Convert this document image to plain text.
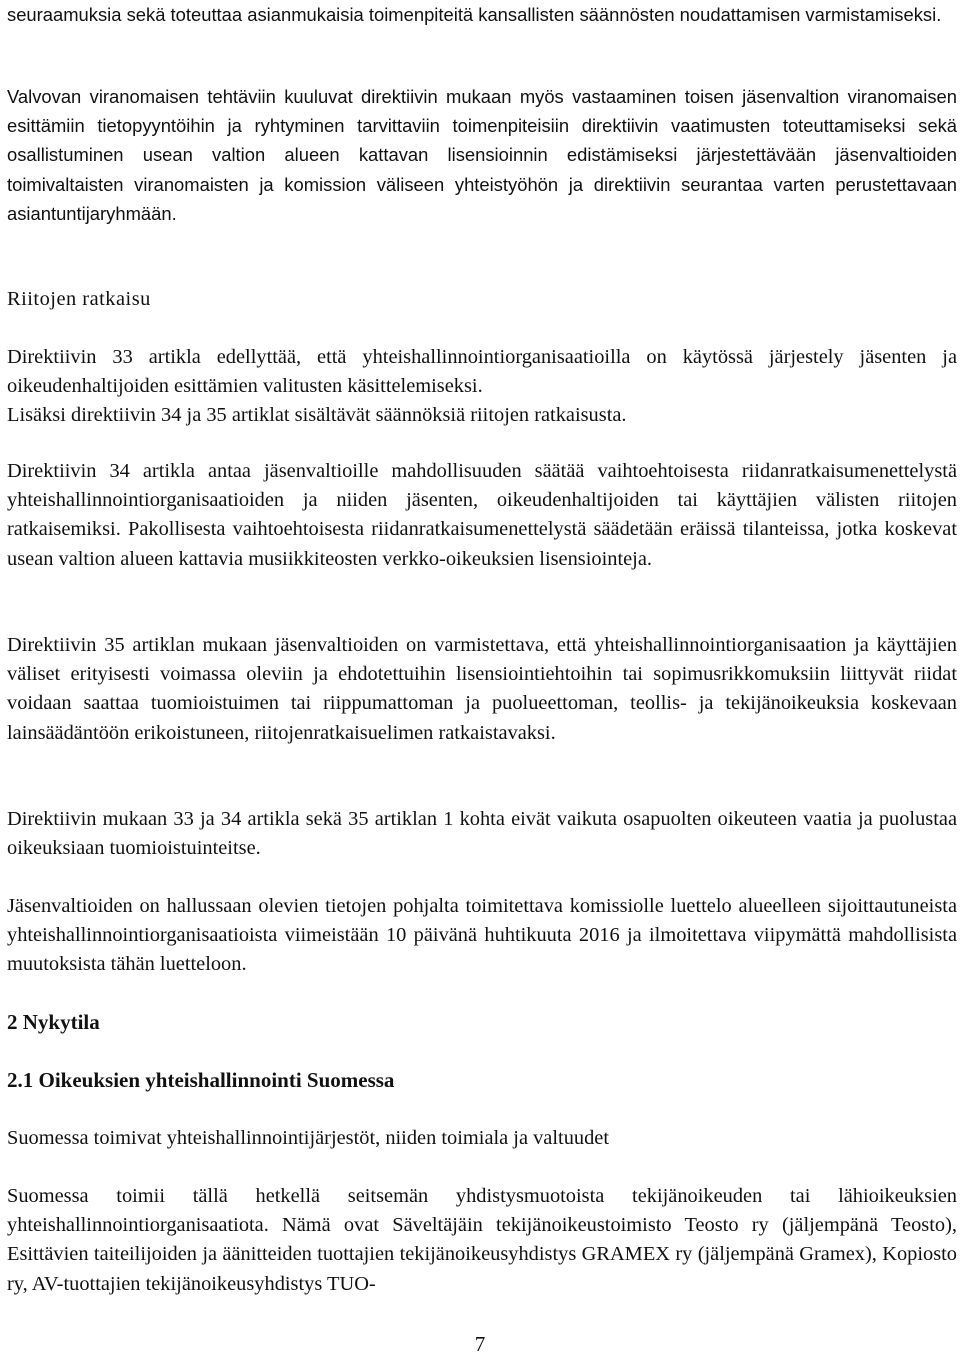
seuraamuksia sekä toteuttaa asianmukaisia toimenpiteitä kansallisten säännösten noudattamisen varmistamiseksi.
Valvovan viranomaisen tehtäviin kuuluvat direktiivin mukaan myös vastaaminen toisen jäsenvaltion viranomaisen esittämiin tietopyyntöihin ja ryhtyminen tarvittaviin toimenpiteisiin direktiivin vaatimusten toteuttamiseksi sekä osallistuminen usean valtion alueen kattavan lisensioinnin edistämiseksi järjestettävään jäsenvaltioiden toimivaltaisten viranomaisten ja komission väliseen yhteistyöhön ja direktiivin seurantaa varten perustettavaan asiantuntijaryhmään.
Riitojen ratkaisu
Direktiivin 33 artikla edellyttää, että yhteishallinnointiorganisaatioilla on käytössä järjestely jäsenten ja oikeudenhaltijoiden esittämien valitusten käsittelemiseksi.
Lisäksi direktiivin 34 ja 35 artiklat sisältävät säännöksiä riitojen ratkaisusta.
Direktiivin 34 artikla antaa jäsenvaltioille mahdollisuuden säätää vaihtoehtoisesta riidanratkaisumenettelystä yhteishallinnointiorganisaatioiden ja niiden jäsenten, oikeudenhaltijoiden tai käyttäjien välisten riitojen ratkaisemiksi. Pakollisesta vaihtoehtoisesta riidanratkaisumenettelystä säädetään eräissä tilanteissa, jotka koskevat usean valtion alueen kattavia musiikkiteosten verkko-oikeuksien lisensiointeja.
Direktiivin 35 artiklan mukaan jäsenvaltioiden on varmistettava, että yhteishallinnointiorganisaation ja käyttäjien väliset erityisesti voimassa oleviin ja ehdotettuihin lisensiointiehtoihin tai sopimusrikkomuksiin liittyvät riidat voidaan saattaa tuomioistuimen tai riippumattoman ja puolueettoman, teollis- ja tekijänoikeuksia koskevaan lainsäädäntöön erikoistuneen, riitojenratkaisuelimen ratkaistavaksi.
Direktiivin mukaan 33 ja 34 artikla sekä 35 artiklan 1 kohta eivät vaikuta osapuolten oikeuteen vaatia ja puolustaa oikeuksiaan tuomioistuinteitse.
Jäsenvaltioiden on hallussaan olevien tietojen pohjalta toimitettava komissiolle luettelo alueelleen sijoittautuneista yhteishallinnointiorganisaatioista viimeistään 10 päivänä huhtikuuta 2016 ja ilmoitettava viipymättä mahdollisista muutoksista tähän luetteloon.
2 Nykytila
2.1 Oikeuksien yhteishallinnointi Suomessa
Suomessa toimivat yhteishallinnointijärjestöt, niiden toimiala ja valtuudet
Suomessa toimii tällä hetkellä seitsemän yhdistysmuotoista tekijänoikeuden tai lähioikeuksien yhteishallinnointiorganisaatiota. Nämä ovat Säveltäjäin tekijänoikeustoimisto Teosto ry (jäljempänä Teosto), Esittävien taiteilijoiden ja äänitteiden tuottajien tekijänoikeusyhdistys GRAMEX ry (jäljempänä Gramex), Kopiosto ry, AV-tuottajien tekijänoikeusyhdistys TUO-
7
